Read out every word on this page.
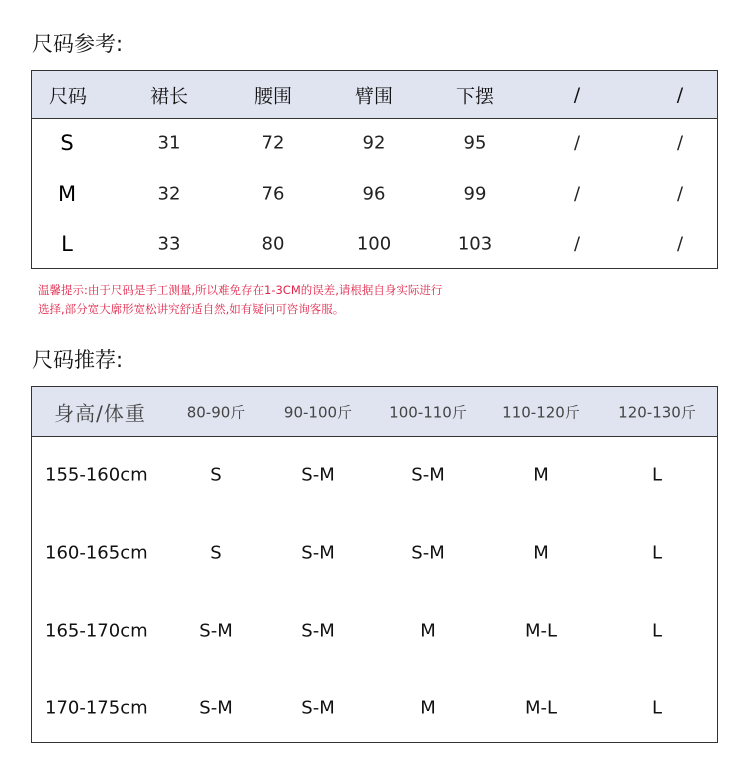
尺码参考:
尺码	裙长	腰围	臂围	下摆	/	/
S	31	72	92	95	/	/
M	32	76	96	99	/	/
L	33	80	100	103	/	/

温馨提示:由于尺码是手工测量,所以难免存在1-3CM的误差,请根据自身实际进行

选择,部分宽大廓形宽松讲究舒适自然,如有疑问可咨询客服。

尺码推荐:
身高/体重	80-90斤	90-100斤 100-110斤 110-120斤	120-130斤
155-160cm	S	S-M	S-M	M	L
160-165cm	S	S-M	S-M	M	L
165-170cm	S-M	S-M	M	M-L	L
170-175cm	S-M	S-M	M	M-L	L
